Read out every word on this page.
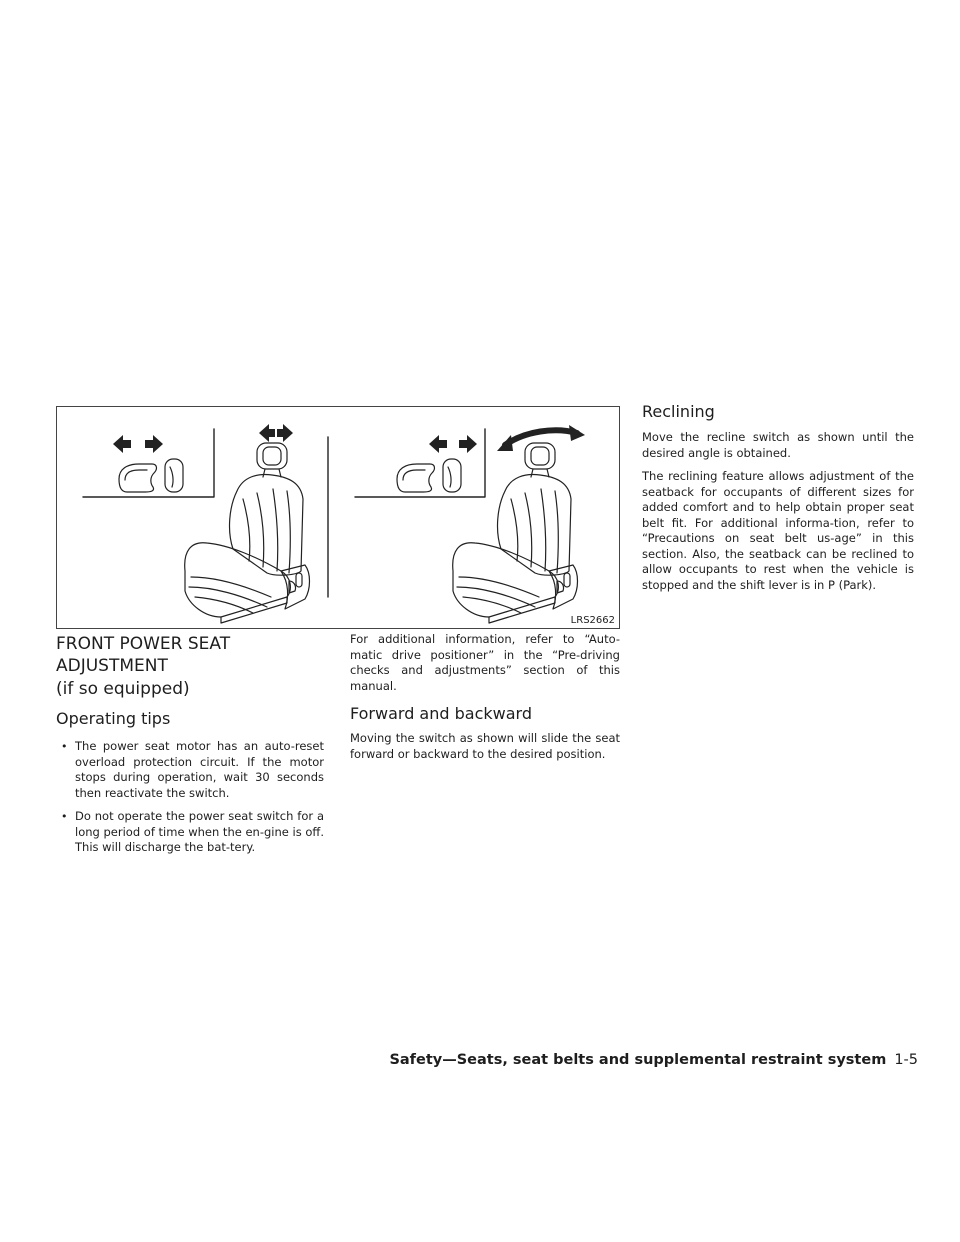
LRS2662
FRONT POWER SEAT ADJUSTMENT
(if so equipped)
Operating tips
• The power seat motor has an auto-reset overload protection circuit. If the motor stops during operation, wait 30 seconds then reactivate the switch.
• Do not operate the power seat switch for a long period of time when the en-gine is off. This will discharge the bat-tery.

For additional information, refer to “Auto-matic drive positioner” in the “Pre-driving checks and adjustments” section of this manual.

Forward and backward

Moving the switch as shown will slide the seat forward or backward to the desired position.

Reclining

Move the recline switch as shown until the desired angle is obtained.

The reclining feature allows adjustment of the seatback for occupants of different sizes for added comfort and to help obtain proper seat belt fit. For additional informa-tion, refer to “Precautions on seat belt us-age” in this section. Also, the seatback can be reclined to allow occupants to rest when the vehicle is stopped and the shift lever is in P (Park).

Safety—Seats, seat belts and supplemental restraint system 1-5
